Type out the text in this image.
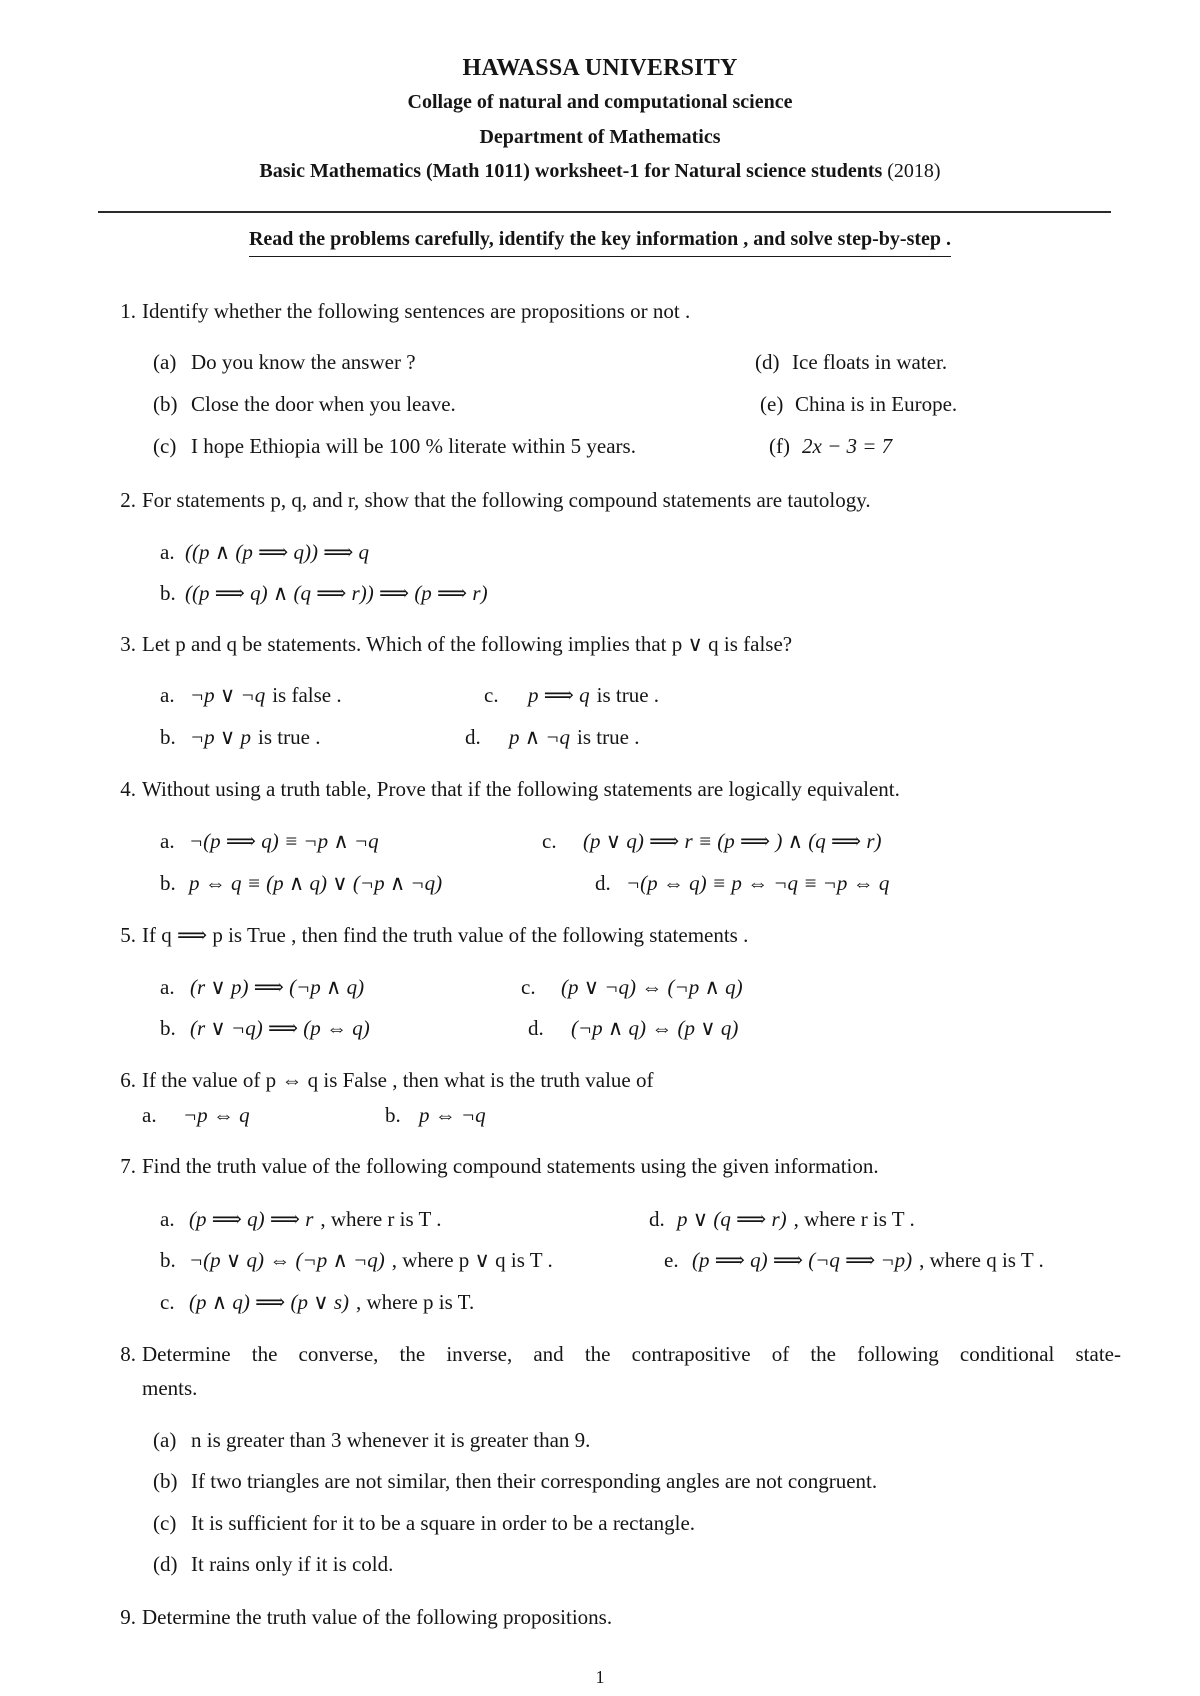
HAWASSA UNIVERSITY
Collage of natural and computational science
Department of Mathematics
Basic Mathematics (Math 1011) worksheet-1 for Natural science students (2018)
Read the problems carefully, identify the key information , and solve step-by-step .
1. Identify whether the following sentences are propositions or not .
(a) Do you know the answer ?	(d) Ice floats in water.
(b) Close the door when you leave.	(e) China is in Europe.
(c) I hope Ethiopia will be 100 % literate within 5 years.	(f) 2x − 3 = 7
2. For statements p, q, and r, show that the following compound statements are tautology.
a. ((p ∧ (p ⟹ q)) ⟹ q
b. ((p ⟹ q) ∧ (q ⟹ r)) ⟹ (p ⟹ r)
3. Let p and q be statements. Which of the following implies that p ∨ q is false?
a. ¬p ∨ ¬q is false .	c. p ⟹ q is true .
b. ¬p ∨ p is true .	d. p ∧ ¬q is true .
4. Without using a truth table, Prove that if the following statements are logically equivalent.
a. ¬(p ⟹ q) ≡ ¬p ∧ ¬q	c. (p ∨ q) ⟹ r ≡ (p ⟹ ) ∧ (q ⟹ r)
b. p ⇔ q ≡ (p ∧ q) ∨ (¬p ∧ ¬q)	d. ¬(p ⇔ q) ≡ p ⇔ ¬q ≡ ¬p ⇔ q
5. If q ⟹ p is True , then find the truth value of the following statements .
a. (r ∨ p) ⟹ (¬p ∧ q)	c. (p ∨ ¬q) ⇔ (¬p ∧ q)
b. (r ∨ ¬q) ⟹ (p ⇔ q)	d. (¬p ∧ q) ⇔ (p ∨ q)
6. If the value of p ⇔ q is False , then what is the truth value of
a. ¬p ⇔ q	b. p ⇔ ¬q
7. Find the truth value of the following compound statements using the given information.
a. (p ⟹ q) ⟹ r , where r is T .	d. p ∨ (q ⟹ r) , where r is T .
b. ¬(p ∨ q) ⇔ (¬p ∧ ¬q) , where p ∨ q is T .	e. (p ⟹ q) ⟹ (¬q ⟹ ¬p) , where q is T .
c. (p ∧ q) ⟹ (p ∨ s) , where p is T.
8. Determine the converse, the inverse, and the contrapositive of the following conditional state-
ments.
(a) n is greater than 3 whenever it is greater than 9.
(b) If two triangles are not similar, then their corresponding angles are not congruent.
(c) It is sufficient for it to be a square in order to be a rectangle.
(d) It rains only if it is cold.
9. Determine the truth value of the following propositions.
1
